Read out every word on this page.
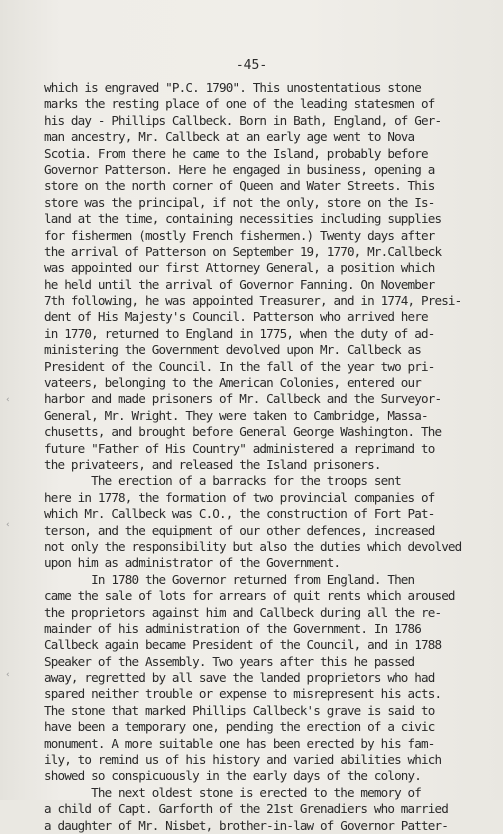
-45-
which is engraved "P.C. 1790". This unostentatious stone
marks the resting place of one of the leading statesmen of
his day - Phillips Callbeck. Born in Bath, England, of Ger-
man ancestry, Mr. Callbeck at an early age went to Nova
Scotia. From there he came to the Island, probably before
Governor Patterson. Here he engaged in business, opening a
store on the north corner of Queen and Water Streets. This
store was the principal, if not the only, store on the Is-
land at the time, containing necessities including supplies
for fishermen (mostly French fishermen.) Twenty days after
the arrival of Patterson on September 19, 1770, Mr.Callbeck
was appointed our first Attorney General, a position which
he held until the arrival of Governor Fanning. On November
7th following, he was appointed Treasurer, and in 1774, Presi-
dent of His Majesty's Council. Patterson who arrived here
in 1770, returned to England in 1775, when the duty of ad-
ministering the Government devolved upon Mr. Callbeck as
President of the Council. In the fall of the year two pri-
vateers, belonging to the American Colonies, entered our
harbor and made prisoners of Mr. Callbeck and the Surveyor-
General, Mr. Wright. They were taken to Cambridge, Massa-
chusetts, and brought before General George Washington. The
future "Father of His Country" administered a reprimand to
the privateers, and released the Island prisoners.
The erection of a barracks for the troops sent
here in 1778, the formation of two provincial companies of
which Mr. Callbeck was C.O., the construction of Fort Pat-
terson, and the equipment of our other defences, increased
not only the responsibility but also the duties which devolved
upon him as administrator of the Government.
In 1780 the Governor returned from England. Then
came the sale of lots for arrears of quit rents which aroused
the proprietors against him and Callbeck during all the re-
mainder of his administration of the Government. In 1786
Callbeck again became President of the Council, and in 1788
Speaker of the Assembly. Two years after this he passed
away, regretted by all save the landed proprietors who had
spared neither trouble or expense to misrepresent his acts.
The stone that marked Phillips Callbeck's grave is said to
have been a temporary one, pending the erection of a civic
monument. A more suitable one has been erected by his fam-
ily, to remind us of his history and varied abilities which
showed so conspicuously in the early days of the colony.
The next oldest stone is erected to the memory of
a child of Capt. Garforth of the 21st Grenadiers who married
a daughter of Mr. Nisbet, brother-in-law of Governor Patter-
‹
‹
‹
